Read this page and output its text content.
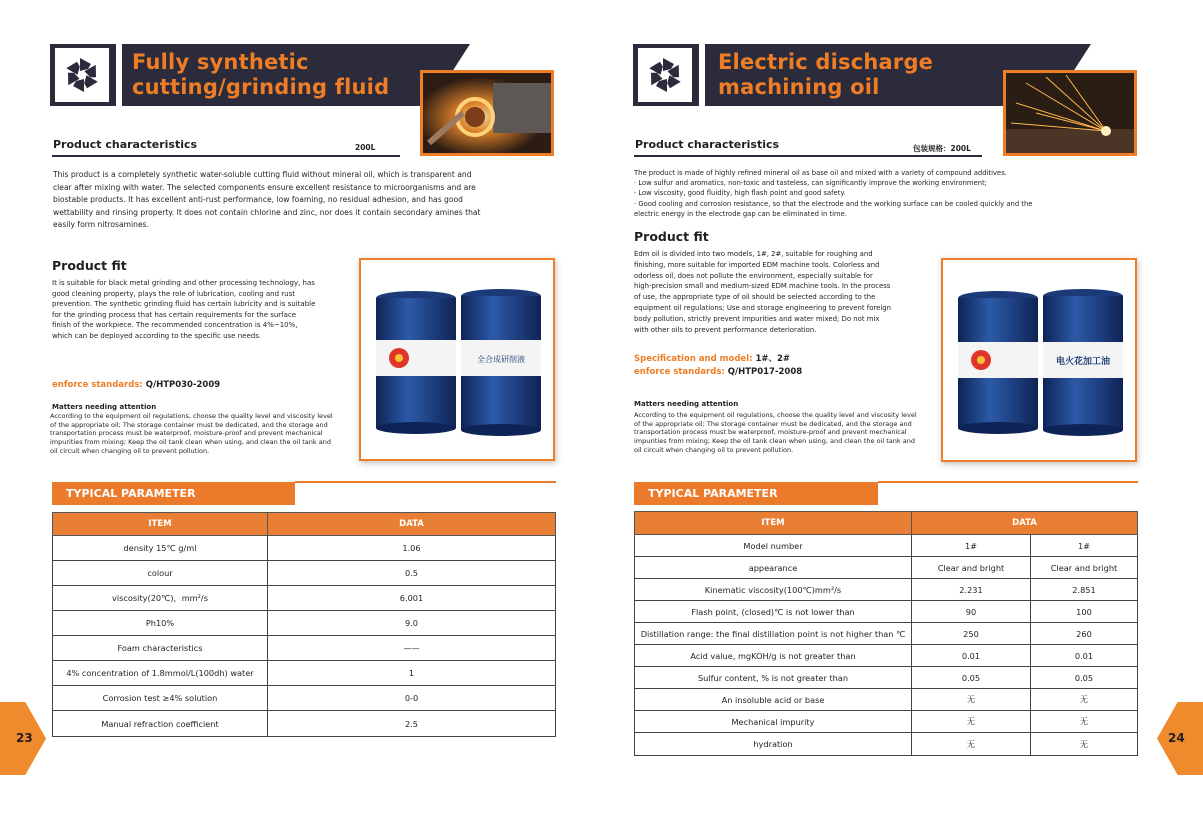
Fully synthetic
cutting/grinding fluid
Product characteristics	200L
This product is a completely synthetic water-soluble cutting fluid without mineral oil, which is transparent and
clear after mixing with water. The selected components ensure excellent resistance to microorganisms and are
biostable products. It has excellent anti-rust performance, low foaming, no residual adhesion, and has good
wettability and rinsing property. It does not contain chlorine and zinc, nor does it contain secondary amines that
easily form nitrosamines.
Product fit
It is suitable for black metal grinding and other processing technology, has
good cleaning property, plays the role of lubrication, cooling and rust
prevention. The synthetic grinding fluid has certain lubricity and is suitable
for the grinding process that has certain requirements for the surface
finish of the workpiece. The recommended concentration is 4%~10%,
which can be deployed according to the specific use needs.
enforce standards: Q/HTP030-2009
Matters needing attention
According to the equipment oil regulations, choose the quality level and viscosity level
of the appropriate oil; The storage container must be dedicated, and the storage and
transportation process must be waterproof, moisture-proof and prevent mechanical
impurities from mixing; Keep the oil tank clean when using, and clean the oil tank and
oil circuit when changing oil to prevent pollution.
全合成研削液
TYPICAL PARAMETER
ITEM	DATA
density 15℃ g/ml	1.06
colour	0.5
viscosity(20℃)，mm²/s	6.001
Ph10%	9.0
Foam characteristics	——
4% concentration of 1.8mmol/L(100dh) water	1
Corrosion test ≥4% solution	0-0
Manual refraction coefficient	2.5
23
Electric discharge
machining oil
Product characteristics	包装规格：200L
The product is made of highly refined mineral oil as base oil and mixed with a variety of compound additives.
· Low sulfur and aromatics, non-toxic and tasteless, can significantly improve the working environment;
· Low viscosity, good fluidity, high flash point and good safety.
· Good cooling and corrosion resistance, so that the electrode and the working surface can be cooled quickly and the
electric energy in the electrode gap can be eliminated in time.
Product fit
Edm oil is divided into two models, 1#, 2#, suitable for roughing and
finishing, more suitable for imported EDM machine tools. Colorless and
odorless oil, does not pollute the environment, especially suitable for
high-precision small and medium-sized EDM machine tools. In the process
of use, the appropriate type of oil should be selected according to the
equipment oil regulations; Use and storage engineering to prevent foreign
body pollution, strictly prevent impurities and water mixed; Do not mix
with other oils to prevent performance deterioration.
Specification and model: 1#、2#
enforce standards: Q/HTP017-2008
Matters needing attention
According to the equipment oil regulations, choose the quality level and viscosity level
of the appropriate oil; The storage container must be dedicated, and the storage and
transportation process must be waterproof, moisture-proof and prevent mechanical
impurities from mixing; Keep the oil tank clean when using, and clean the oil tank and
oil circuit when changing oil to prevent pollution.
电火花加工油
TYPICAL PARAMETER
ITEM	DATA	
Model number	1#	1#
appearance	Clear and bright	Clear and bright
Kinematic viscosity(100℃)mm²/s	2.231	2.851
Flash point, (closed)℃ is not lower than	90	100
Distillation range: the final distillation point is not higher than ℃	250	260
Acid value, mgKOH/g is not greater than	0.01	0.01
Sulfur content, % is not greater than	0.05	0.05
An insoluble acid or base	无	无
Mechanical impurity	无	无
hydration	无	无	24
